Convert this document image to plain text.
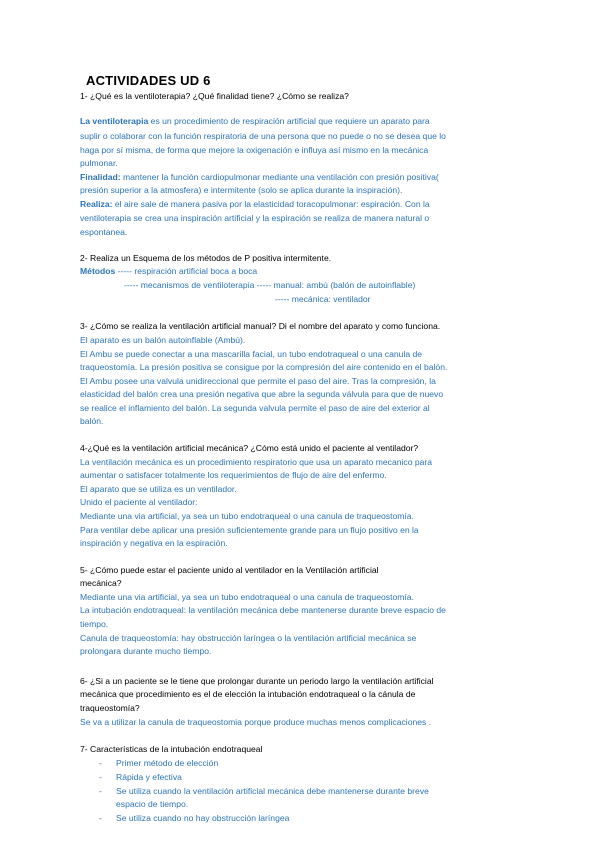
ACTIVIDADES UD 6
1- ¿Qué es la ventiloterapia? ¿Qué finalidad tiene? ¿Cómo se realiza?
La ventiloterapia es un procedimiento de respiración artificial que requiere un aparato para
suplir o colaborar con la función respiratoria de una persona que no puede o no se desea que lo
haga por sí misma, de forma que mejore la oxigenación e influya así mismo en la mecánica
pulmonar.
Finalidad: mantener la función cardiopulmonar mediante una ventilación con presión positiva(
presión superior a la atmosfera) e intermitente (solo se aplica durante la inspiración).
Realiza: el aire sale de manera pasiva por la elasticidad toracopulmonar: espiración. Con la
ventiloterapia se crea una inspiración artificial y la espiración se realiza de manera natural o
espontanea.
2- Realiza un Esquema de los métodos de P positiva intermitente.
Métodos ----- respiración artificial boca a boca
----- mecanismos de ventiloterapia ----- manual: ambú (balón de autoinflable)
----- mecánica: ventilador
3- ¿Cómo se realiza la ventilación artificial manual? Di el nombre del aparato y como funciona.
El aparato es un balón autoinflable (Ambú).
El Ambu se puede conectar a una mascarilla facial, un tubo endotraqueal o una canula de
traqueostomía. La presión positiva se consigue por la compresión del aire contenido en el balón.
El Ambu posee una valvula unidireccional que permite el paso del aire. Tras la compresión, la
elasticidad del balón crea una presión negativa que abre la segunda válvula para que de nuevo
se realice el inflamiento del balón. La segunda valvula permite el paso de aire del exterior al
balón.
4-¿Qué es la ventilación artificial mecánica? ¿Cómo está unido el paciente al ventilador?
La ventilación mecánica es un procedimiento respiratorio que usa un aparato mecanico para
aumentar o satisfacer totalmente los requerimientos de flujo de aire del enfermo.
El aparato que se utiliza es un ventilador.
Unido el paciente al ventilador:
Mediante una via artificial, ya sea un tubo endotraqueal o una canula de traqueostomía.
Para ventilar debe aplicar una presión suficientemente grande para un flujo positivo en la
inspiración y negativa en la espiración.
5- ¿Cómo puede estar el paciente unido al ventilador en la Ventilación artificial
mecánica?
Mediante una via artificial, ya sea un tubo endotraqueal o una canula de traqueostomía.
La intubación endotraqueal: la ventilación mecánica debe mantenerse durante breve espacio de
tiempo.
Canula de traqueostomía: hay obstrucción laríngea o la ventilación artificial mecánica se
prolongara durante mucho tiempo.
6- ¿Si a un paciente se le tiene que prolongar durante un periodo largo la ventilación artificial
mecánica que procedimiento es el de elección la intubación endotraqueal o la cánula de
traqueostomía?
Se va a utilizar la canula de traqueostomia porque produce muchas menos complicaciones .
7- Características de la intubación endotraqueal
- Primer método de elección
- Rápida y efectiva
- Se utiliza cuando la ventilación artificial mecánica debe mantenerse durante breve
espacio de tiempo.
- Se utiliza cuando no hay obstrucción laríngea
